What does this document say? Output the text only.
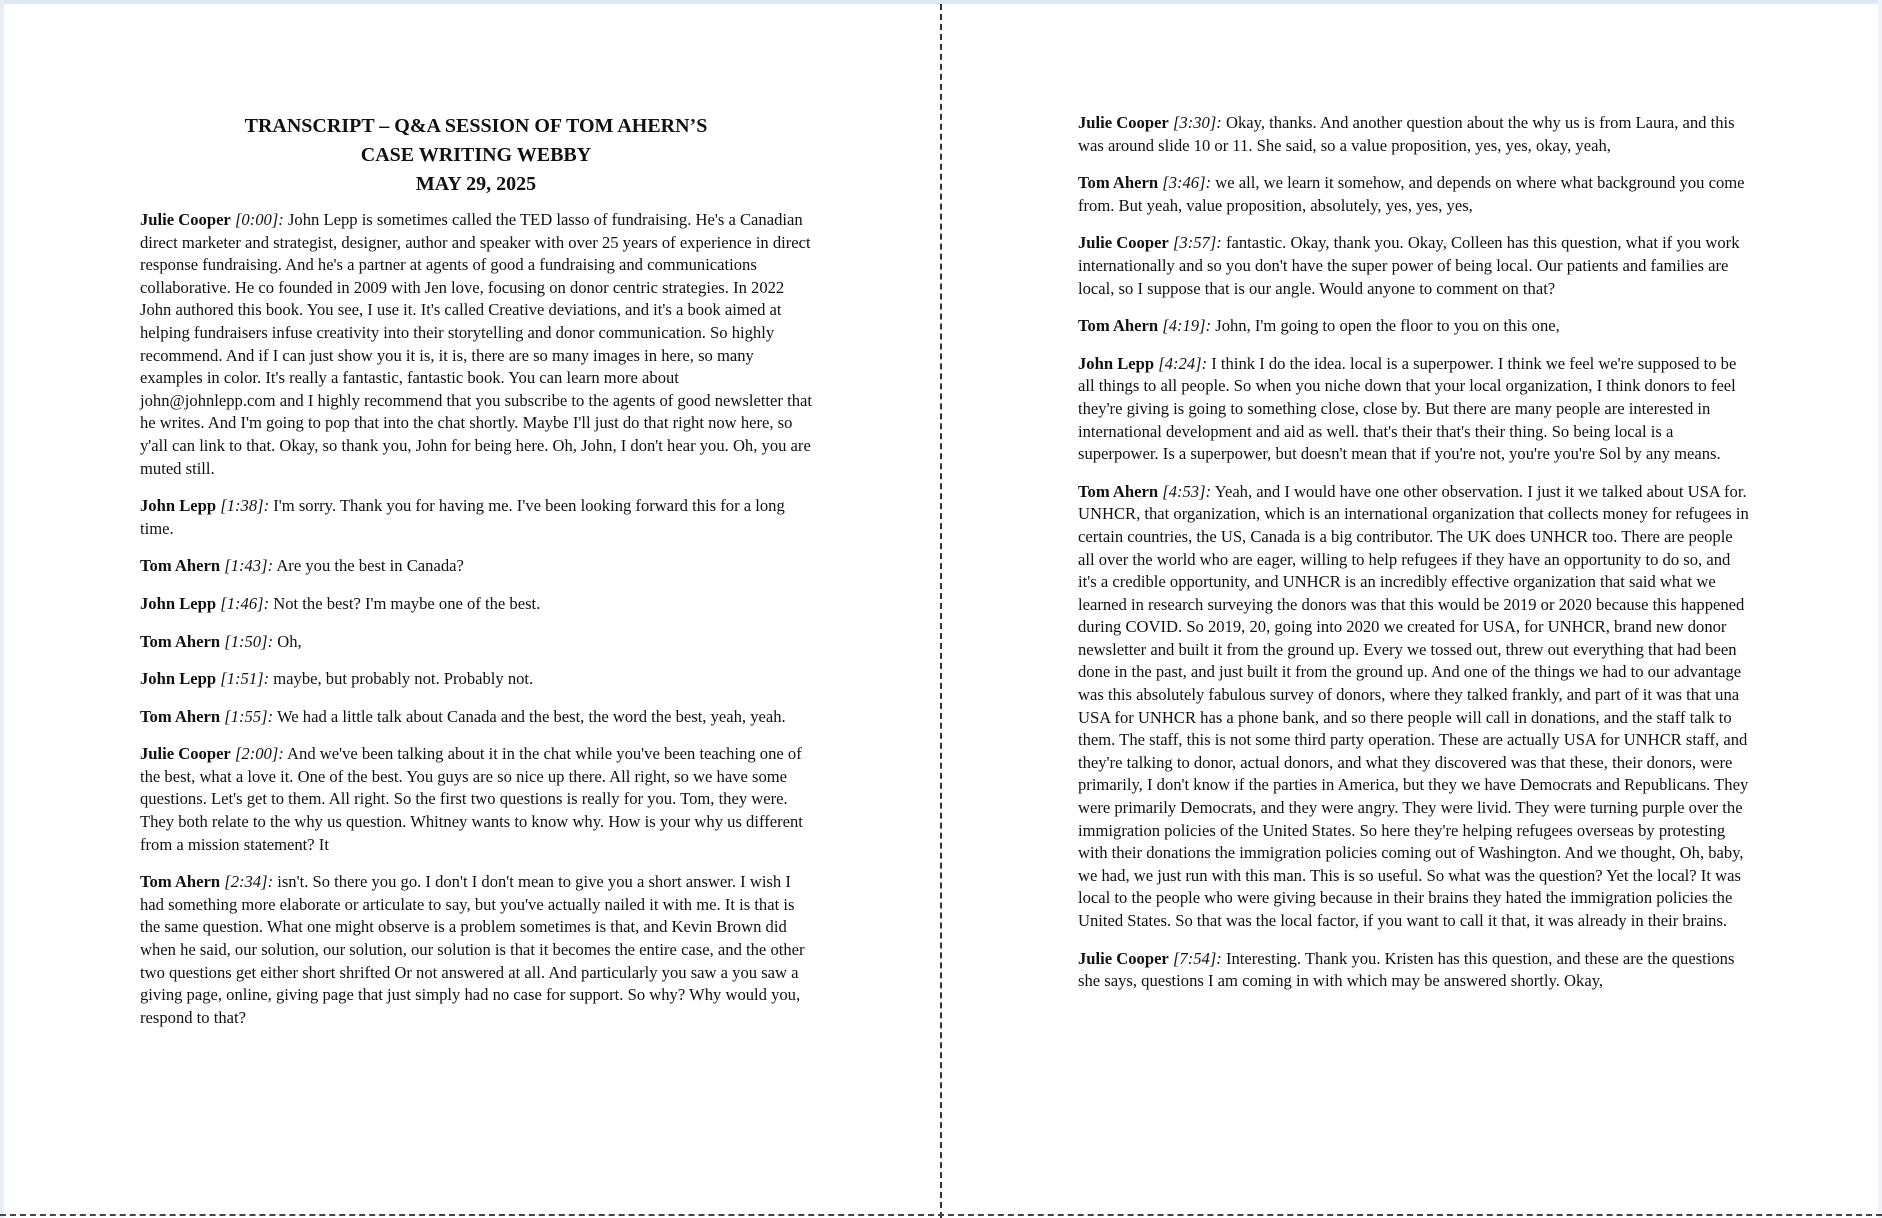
TRANSCRIPT – Q&A SESSION OF TOM AHERN’S
CASE WRITING WEBBY
MAY 29, 2025

Julie Cooper [0:00]: John Lepp is sometimes called the TED lasso of fundraising. He's a Canadian direct marketer and strategist, designer, author and speaker with over 25 years of experience in direct response fundraising. And he's a partner at agents of good a fundraising and communications collaborative. He co founded in 2009 with Jen love, focusing on donor centric strategies. In 2022 John authored this book. You see, I use it. It's called Creative deviations, and it's a book aimed at helping fundraisers infuse creativity into their storytelling and donor communication. So highly recommend. And if I can just show you it is, it is, there are so many images in here, so many examples in color. It's really a fantastic, fantastic book. You can learn more about john@johnlepp.com and I highly recommend that you subscribe to the agents of good newsletter that he writes. And I'm going to pop that into the chat shortly. Maybe I'll just do that right now here, so y'all can link to that. Okay, so thank you, John for being here. Oh, John, I don't hear you. Oh, you are muted still.

John Lepp [1:38]: I'm sorry. Thank you for having me. I've been looking forward this for a long time.

Tom Ahern [1:43]: Are you the best in Canada?

John Lepp [1:46]: Not the best? I'm maybe one of the best.

Tom Ahern [1:50]: Oh,

John Lepp [1:51]: maybe, but probably not. Probably not.

Tom Ahern [1:55]: We had a little talk about Canada and the best, the word the best, yeah, yeah.

Julie Cooper [2:00]: And we've been talking about it in the chat while you've been teaching one of the best, what a love it. One of the best. You guys are so nice up there. All right, so we have some questions. Let's get to them. All right. So the first two questions is really for you. Tom, they were. They both relate to the why us question. Whitney wants to know why. How is your why us different from a mission statement? It

Tom Ahern [2:34]: isn't. So there you go. I don't I don't mean to give you a short answer. I wish I had something more elaborate or articulate to say, but you've actually nailed it with me. It is that is the same question. What one might observe is a problem sometimes is that, and Kevin Brown did when he said, our solution, our solution, our solution is that it becomes the entire case, and the other two questions get either short shrifted Or not answered at all. And particularly you saw a you saw a giving page, online, giving page that just simply had no case for support. So why? Why would you, respond to that?

Julie Cooper [3:30]: Okay, thanks. And another question about the why us is from Laura, and this was around slide 10 or 11. She said, so a value proposition, yes, yes, okay, yeah,

Tom Ahern [3:46]: we all, we learn it somehow, and depends on where what background you come from. But yeah, value proposition, absolutely, yes, yes, yes,

Julie Cooper [3:57]: fantastic. Okay, thank you. Okay, Colleen has this question, what if you work internationally and so you don't have the super power of being local. Our patients and families are local, so I suppose that is our angle. Would anyone to comment on that?

Tom Ahern [4:19]: John, I'm going to open the floor to you on this one,

John Lepp [4:24]: I think I do the idea. local is a superpower. I think we feel we're supposed to be all things to all people. So when you niche down that your local organization, I think donors to feel they're giving is going to something close, close by. But there are many people are interested in international development and aid as well. that's their that's their thing. So being local is a superpower. Is a superpower, but doesn't mean that if you're not, you're you're Sol by any means.

Tom Ahern [4:53]: Yeah, and I would have one other observation. I just it we talked about USA for. UNHCR, that organization, which is an international organization that collects money for refugees in certain countries, the US, Canada is a big contributor. The UK does UNHCR too. There are people all over the world who are eager, willing to help refugees if they have an opportunity to do so, and it's a credible opportunity, and UNHCR is an incredibly effective organization that said what we learned in research surveying the donors was that this would be 2019 or 2020 because this happened during COVID. So 2019, 20, going into 2020 we created for USA, for UNHCR, brand new donor newsletter and built it from the ground up. Every we tossed out, threw out everything that had been done in the past, and just built it from the ground up. And one of the things we had to our advantage was this absolutely fabulous survey of donors, where they talked frankly, and part of it was that una USA for UNHCR has a phone bank, and so there people will call in donations, and the staff talk to them. The staff, this is not some third party operation. These are actually USA for UNHCR staff, and they're talking to donor, actual donors, and what they discovered was that these, their donors, were primarily, I don't know if the parties in America, but they we have Democrats and Republicans. They were primarily Democrats, and they were angry. They were livid. They were turning purple over the immigration policies of the United States. So here they're helping refugees overseas by protesting with their donations the immigration policies coming out of Washington. And we thought, Oh, baby, we had, we just run with this man. This is so useful. So what was the question? Yet the local? It was local to the people who were giving because in their brains they hated the immigration policies the United States. So that was the local factor, if you want to call it that, it was already in their brains.

Julie Cooper [7:54]: Interesting. Thank you. Kristen has this question, and these are the questions she says, questions I am coming in with which may be answered shortly. Okay,
